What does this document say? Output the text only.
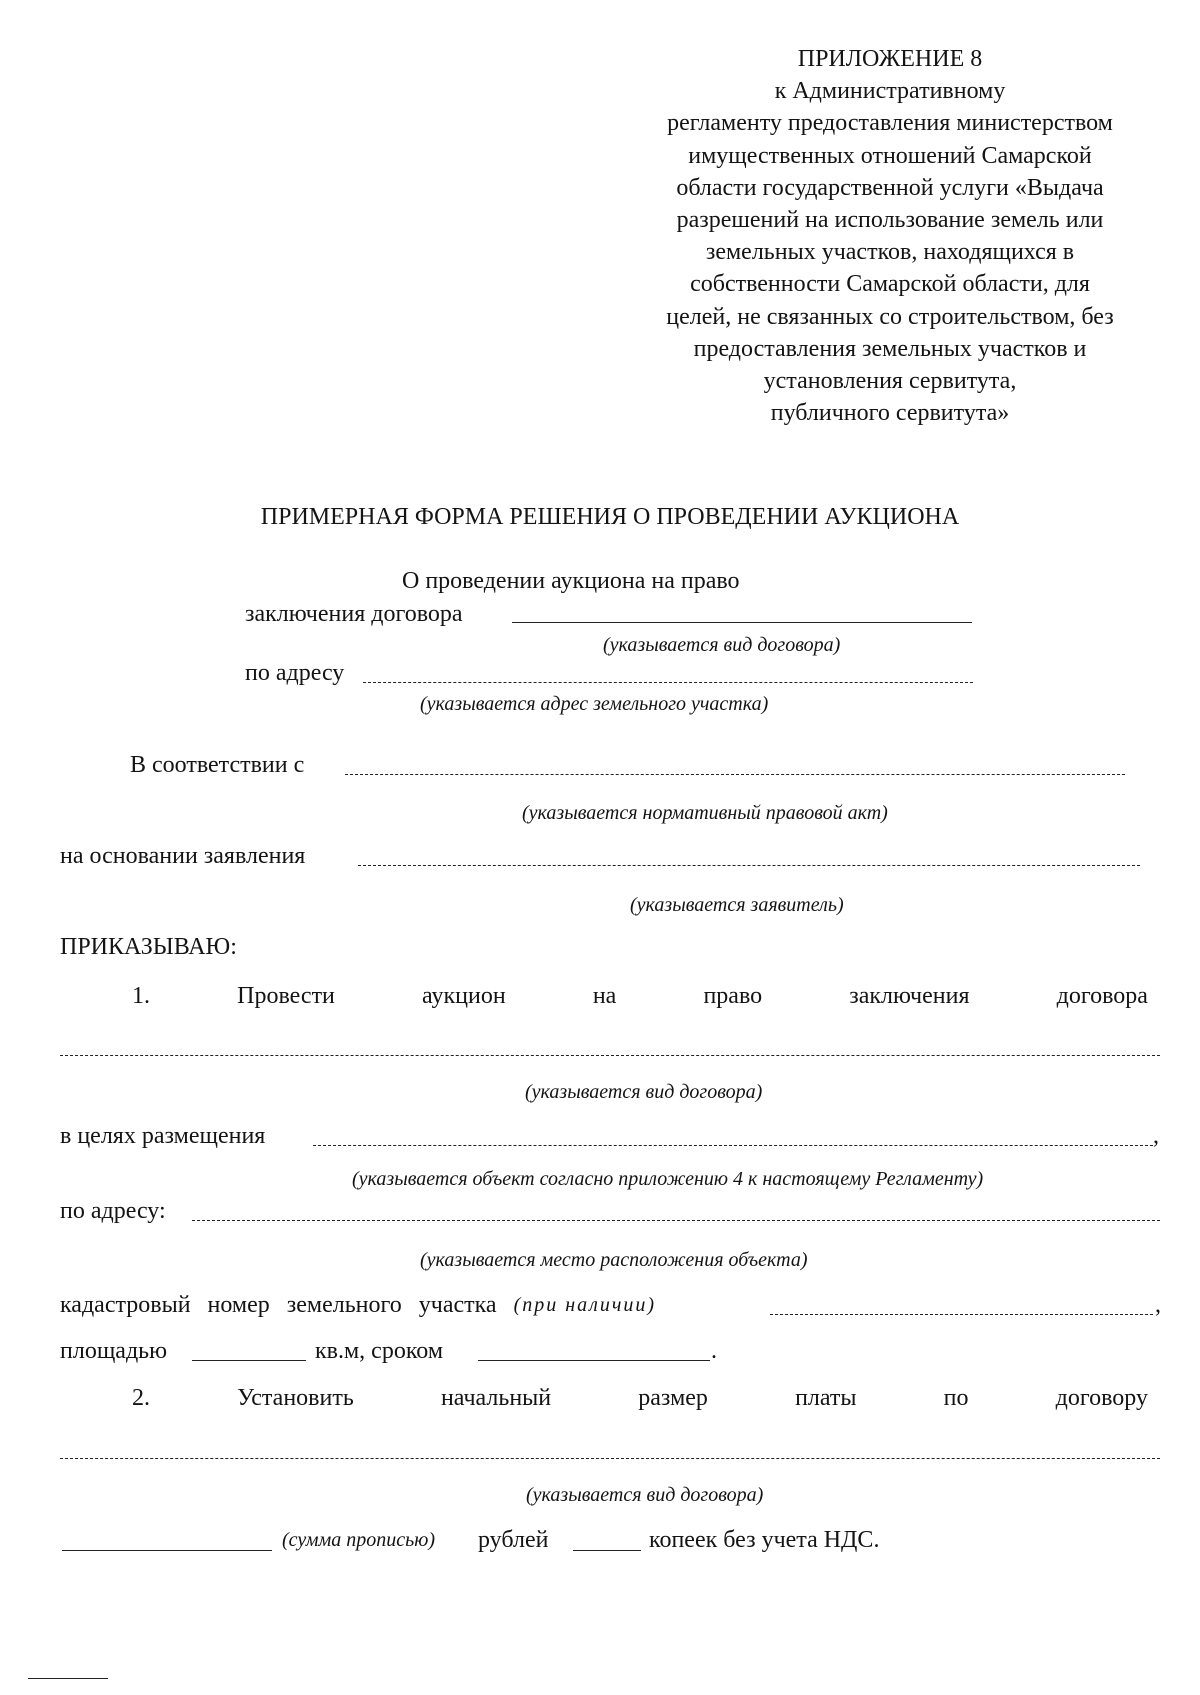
ПРИЛОЖЕНИЕ 8
к Административному
регламенту предоставления министерством
имущественных отношений Самарской
области государственной услуги «Выдача
разрешений на использование земель или
земельных участков, находящихся в
собственности Самарской области, для
целей, не связанных со строительством, без
предоставления земельных участков и
установления сервитута,
публичного сервитута»
ПРИМЕРНАЯ ФОРМА РЕШЕНИЯ О ПРОВЕДЕНИИ АУКЦИОНА
О проведении аукциона на право
заключения договора
(указывается вид договора)
по адресу
(указывается адрес земельного участка)
В соответствии с
(указывается нормативный правовой акт)
на основании заявления
(указывается заявитель)
ПРИКАЗЫВАЮ:
1.	Провести	аукцион	на	право	заключения	договора
(указывается вид договора)
в целях размещения	,
(указывается объект согласно приложению 4 к настоящему Регламенту)
по адресу:
(указывается место расположения объекта)
кадастровый номер земельного участка (при наличии)	,
площадью	кв.м, сроком	.
2.	Установить	начальный	размер	платы	по	договору
(указывается вид договора)
(сумма прописью) рублей	копеек без учета НДС.
